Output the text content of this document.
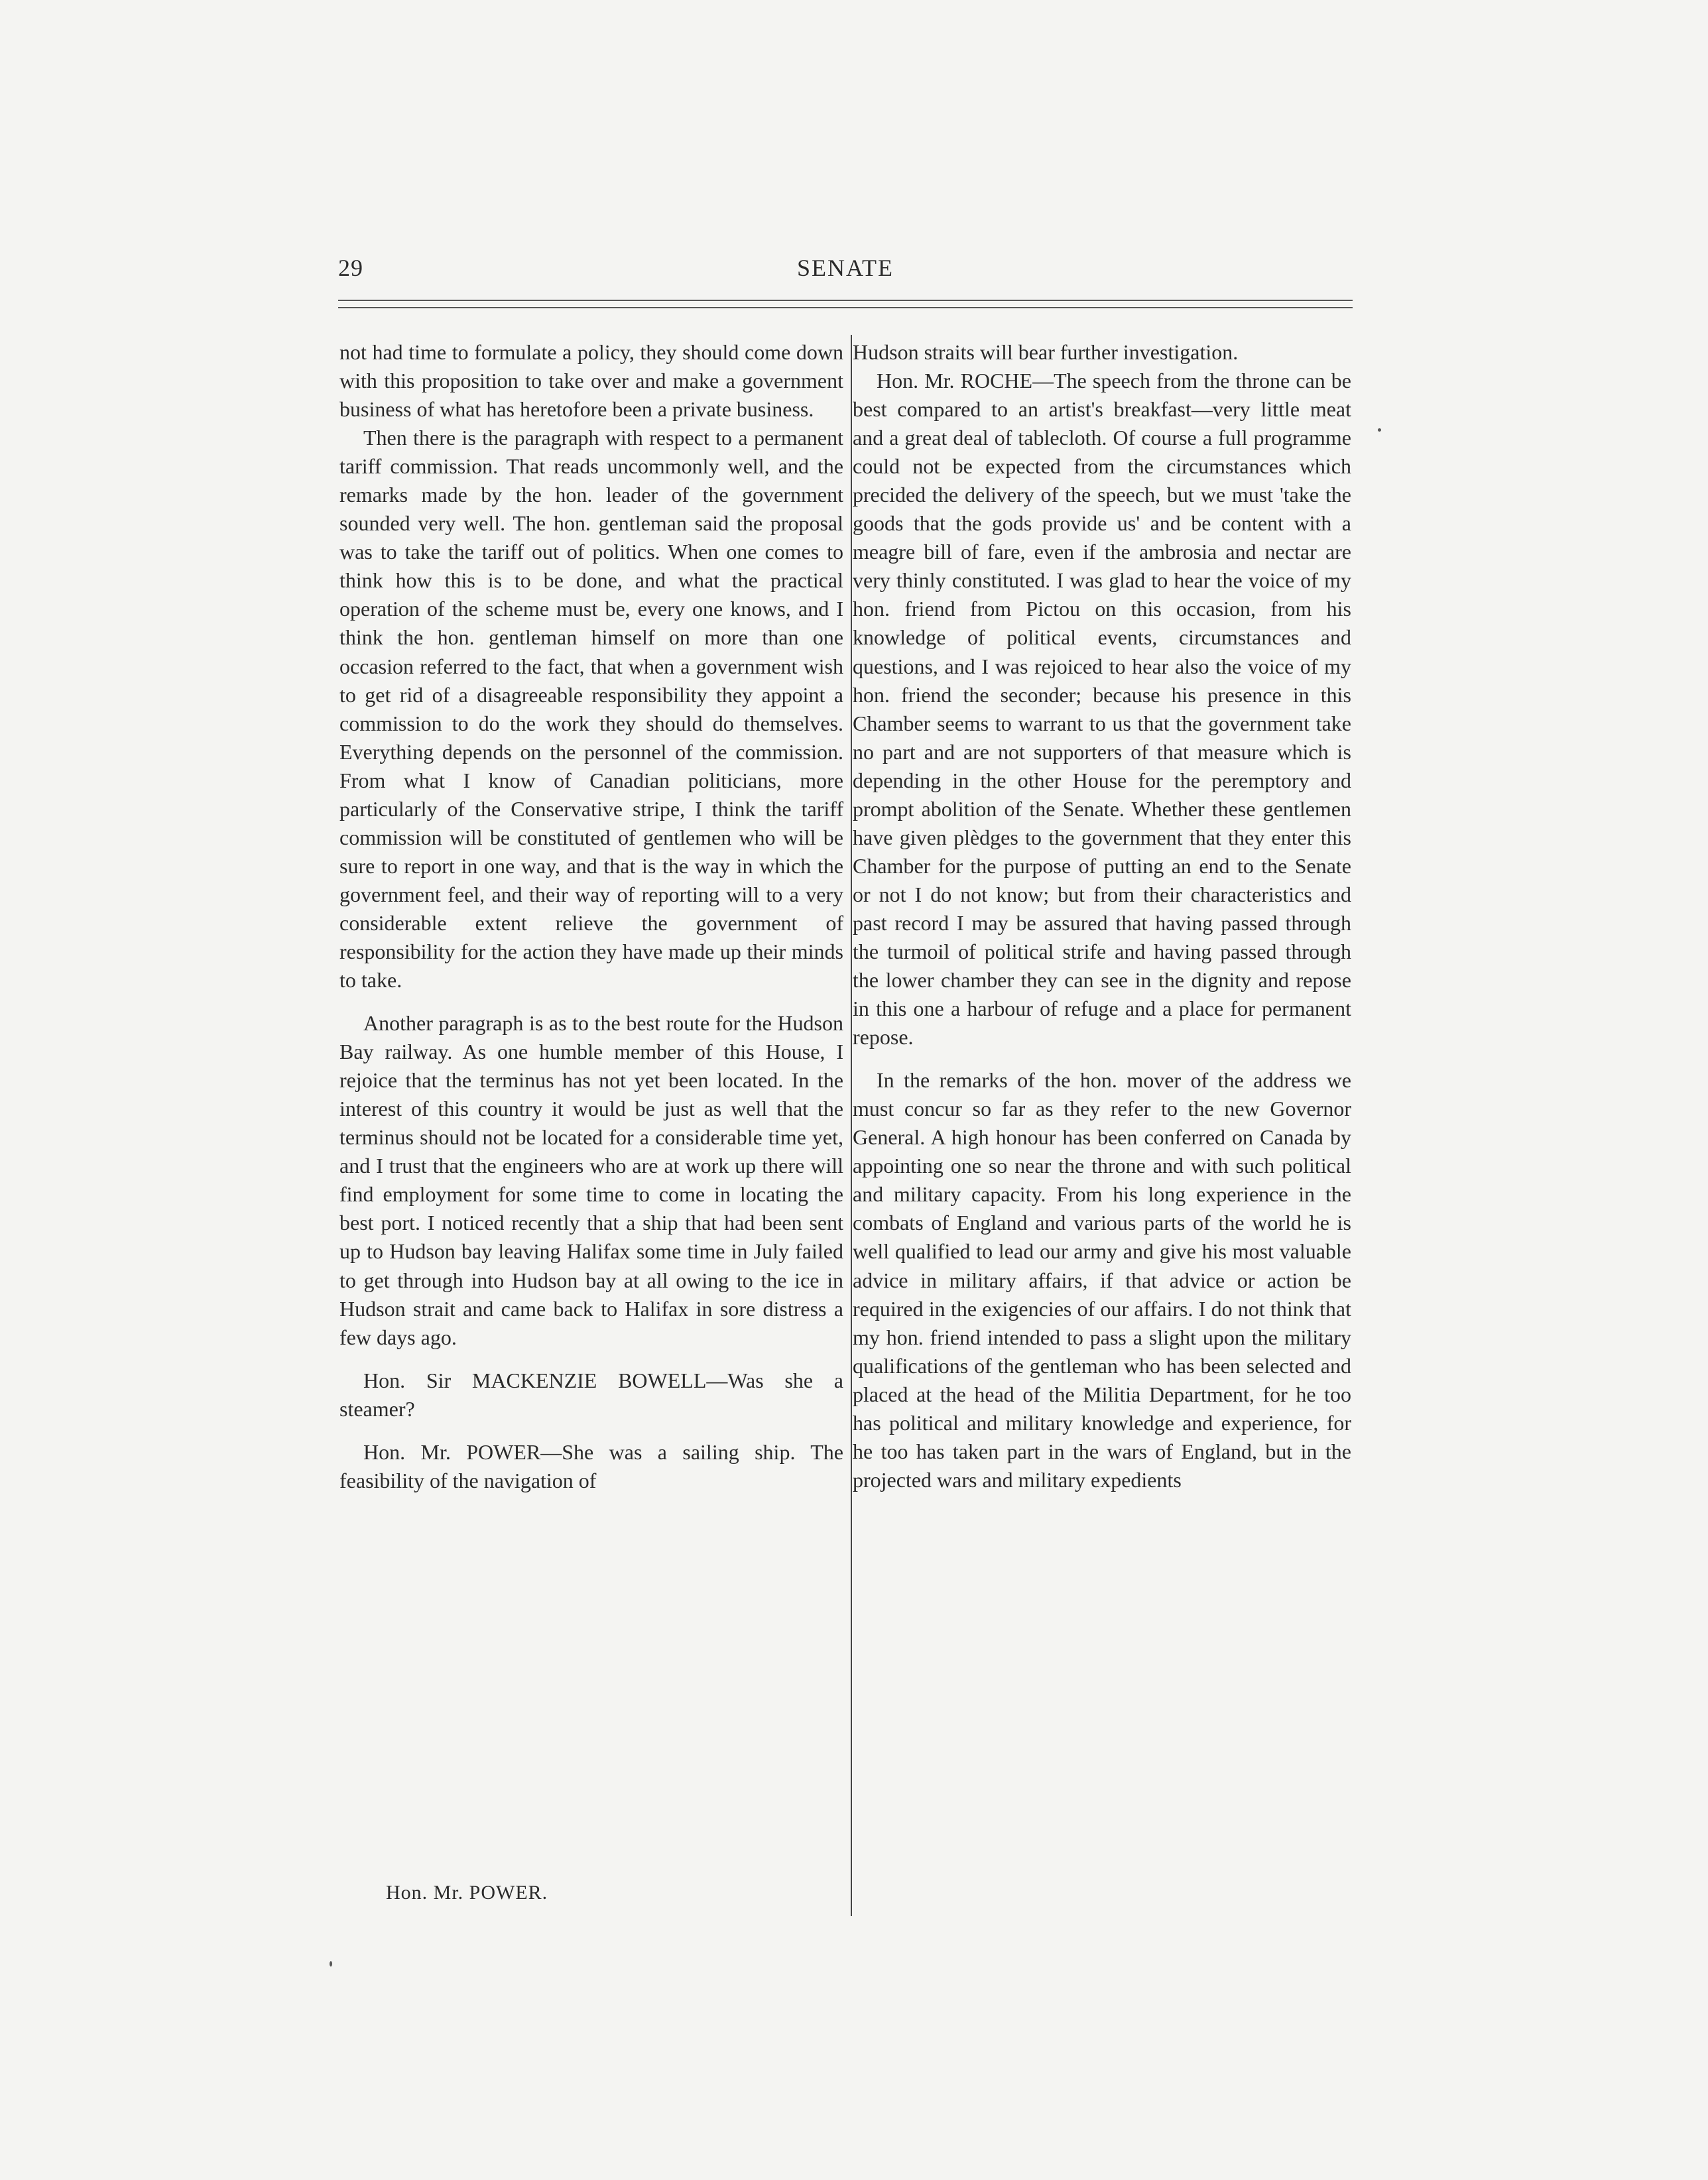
29	SENATE

not had time to formulate a policy, they should come down with this proposition to take over and make a government business of what has heretofore been a private business.

Then there is the paragraph with respect to a permanent tariff commission. That reads uncommonly well, and the remarks made by the hon. leader of the government sounded very well. The hon. gentleman said the proposal was to take the tariff out of politics. When one comes to think how this is to be done, and what the practical operation of the scheme must be, every one knows, and I think the hon. gentleman himself on more than one occasion referred to the fact, that when a government wish to get rid of a disagreeable responsibility they appoint a commission to do the work they should do themselves. Everything depends on the personnel of the commission. From what I know of Canadian politicians, more particularly of the Conservative stripe, I think the tariff commission will be constituted of gentlemen who will be sure to report in one way, and that is the way in which the government feel, and their way of reporting will to a very considerable extent relieve the government of responsibility for the action they have made up their minds to take.

Another paragraph is as to the best route for the Hudson Bay railway. As one humble member of this House, I rejoice that the terminus has not yet been located. In the interest of this country it would be just as well that the terminus should not be located for a considerable time yet, and I trust that the engineers who are at work up there will find employment for some time to come in locating the best port. I noticed recently that a ship that had been sent up to Hudson bay leaving Halifax some time in July failed to get through into Hudson bay at all owing to the ice in Hudson strait and came back to Halifax in sore distress a few days ago.

Hon. Sir MACKENZIE BOWELL—Was she a steamer?

Hon. Mr. POWER—She was a sailing ship. The feasibility of the navigation of

Hudson straits will bear further investigation.

Hon. Mr. ROCHE—The speech from the throne can be best compared to an artist's breakfast—very little meat and a great deal of tablecloth. Of course a full programme could not be expected from the circumstances which precided the delivery of the speech, but we must 'take the goods that the gods provide us' and be content with a meagre bill of fare, even if the ambrosia and nectar are very thinly constituted. I was glad to hear the voice of my hon. friend from Pictou on this occasion, from his knowledge of political events, circumstances and questions, and I was rejoiced to hear also the voice of my hon. friend the seconder; because his presence in this Chamber seems to warrant to us that the government take no part and are not supporters of that measure which is depending in the other House for the peremptory and prompt abolition of the Senate. Whether these gentlemen have given plèdges to the government that they enter this Chamber for the purpose of putting an end to the Senate or not I do not know; but from their characteristics and past record I may be assured that having passed through the turmoil of political strife and having passed through the lower chamber they can see in the dignity and repose in this one a harbour of refuge and a place for permanent repose.

In the remarks of the hon. mover of the address we must concur so far as they refer to the new Governor General. A high honour has been conferred on Canada by appointing one so near the throne and with such political and military capacity. From his long experience in the combats of England and various parts of the world he is well qualified to lead our army and give his most valuable advice in military affairs, if that advice or action be required in the exigencies of our affairs. I do not think that my hon. friend intended to pass a slight upon the military qualifications of the gentleman who has been selected and placed at the head of the Militia Department, for he too has political and military knowledge and experience, for he too has taken part in the wars of England, but in the projected wars and military expedients

Hon. Mr. POWER.
